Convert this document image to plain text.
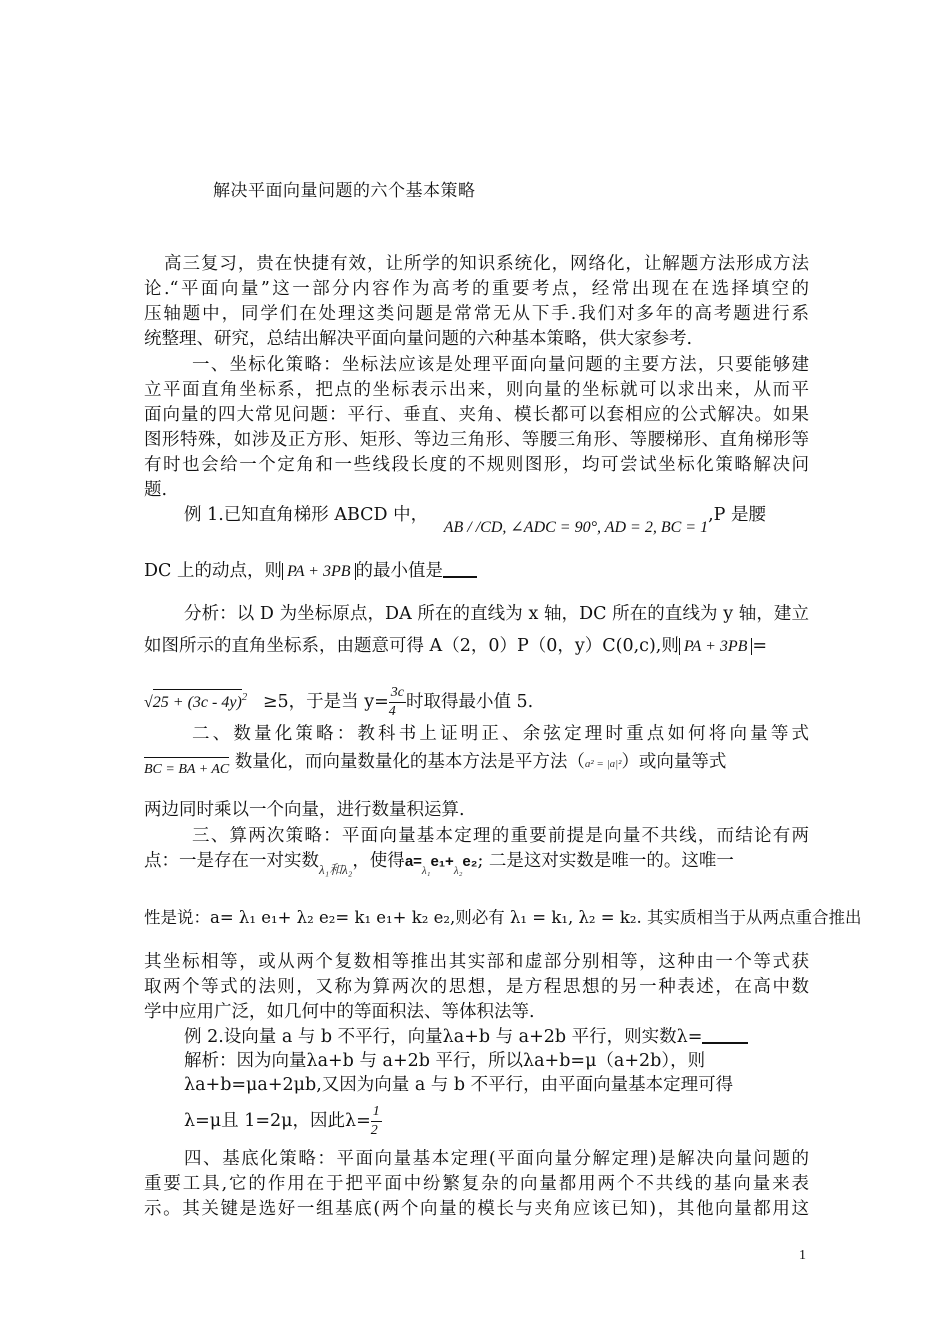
解决平面向量问题的六个基本策略
高三复习，贵在快捷有效，让所学的知识系统化，网络化，让解题方法形成方法
论.“平面向量”这一部分内容作为高考的重要考点，经常出现在在选择填空的
压轴题中，同学们在处理这类问题是常常无从下手.我们对多年的高考题进行系
统整理、研究，总结出解决平面向量问题的六种基本策略，供大家参考.
一、坐标化策略：坐标法应该是处理平面向量问题的主要方法，只要能够建
立平面直角坐标系，把点的坐标表示出来，则向量的坐标就可以求出来，从而平
面向量的四大常见问题：平行、垂直、夹角、模长都可以套相应的公式解决。如果
图形特殊，如涉及正方形、矩形、等边三角形、等腰三角形、等腰梯形、直角梯形等
有时也会给一个定角和一些线段长度的不规则图形，均可尝试坐标化策略解决问
题.
例 1.已知直角梯形 ABCD 中， AB / /CD, ∠ADC = 90°, AD = 2, BC = 1,P 是腰
DC 上的动点，则 PA + 3PB 的最小值是
分析：以 D 为坐标原点，DA 所在的直线为 x 轴，DC 所在的直线为 y 轴，建立
如图所示的直角坐标系，由题意可得 A（2，0）P（0，y）C(0,c),则 PA + 3PB =
√25 + (3c - 4y)$^2$ ≥5，于是当 $y= \frac{3c}{4}$ 时取得最小值 5.
二、数量化策略：教科书上证明正、余弦定理时重点如何将向量等式
BC = BA + AC 数量化，而向量数量化的基本方法是平方法（a² = |a|²）或向量等式
两边同时乘以一个向量，进行数量积运算.
三、算两次策略：平面向量基本定理的重要前提是向量不共线，而结论有两
点：一是存在一对实数$_{\lambda_1和\lambda_2}$，使得$a=_{\lambda_1}e_1+_{\lambda_2}e_2$; 二是这对实数是唯一的。这唯一
性是说：a= λ₁ e₁+ λ₂ e₂= k₁ e₁+ k₂ e₂,则必有 λ₁ = k₁, λ₂ = k₂. 其实质相当于从两点重合推出
其坐标相等，或从两个复数相等推出其实部和虚部分别相等，这种由一个等式获
取两个等式的法则，又称为算两次的思想，是方程思想的另一种表述，在高中数
学中应用广泛，如几何中的等面积法、等体积法等.
例 2.设向量 a 与 b 不平行，向量λa+b 与 a+2b 平行，则实数λ=
解析：因为向量λa+b 与 a+2b 平行，所以λa+b=μ（a+2b），则
λa+b=μa+2μb,又因为向量 a 与 b 不平行，由平面向量基本定理可得
λ=μ且 1=2μ，因此$\lambda= \frac{1}{2}$
四、基底化策略：平面向量基本定理(平面向量分解定理)是解决向量问题的
重要工具,它的作用在于把平面中纷繁复杂的向量都用两个不共线的基向量来表
示。其关键是选好一组基底(两个向量的模长与夹角应该已知)，其他向量都用这
1
